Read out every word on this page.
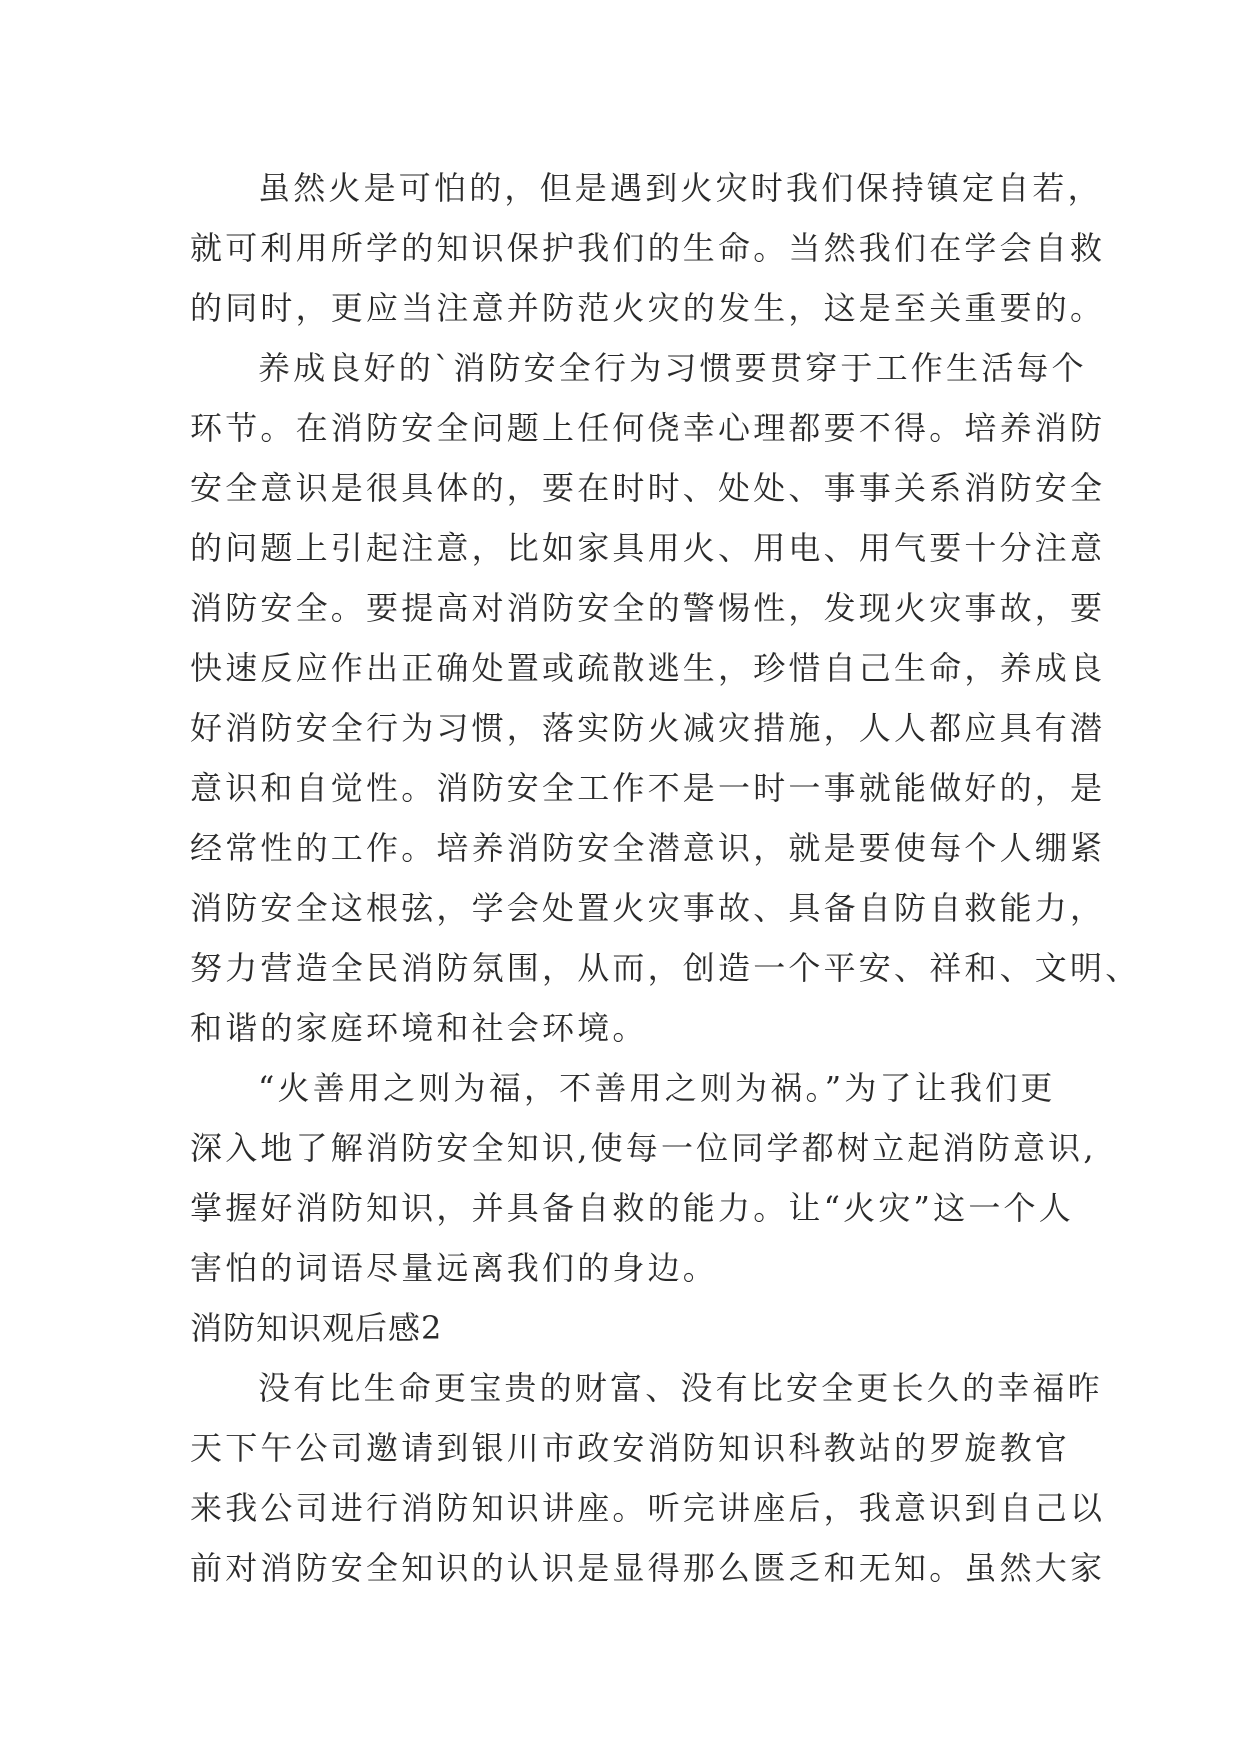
虽然火是可怕的，但是遇到火灾时我们保持镇定自若，
就可利用所学的知识保护我们的生命。当然我们在学会自救
的同时，更应当注意并防范火灾的发生，这是至关重要的。
养成良好的`消防安全行为习惯要贯穿于工作生活每个
环节。在消防安全问题上任何侥幸心理都要不得。培养消防
安全意识是很具体的，要在时时、处处、事事关系消防安全
的问题上引起注意，比如家具用火、用电、用气要十分注意
消防安全。要提高对消防安全的警惕性，发现火灾事故，要
快速反应作出正确处置或疏散逃生，珍惜自己生命，养成良
好消防安全行为习惯，落实防火减灾措施，人人都应具有潜
意识和自觉性。消防安全工作不是一时一事就能做好的，是
经常性的工作。培养消防安全潜意识，就是要使每个人绷紧
消防安全这根弦，学会处置火灾事故、具备自防自救能力，
努力营造全民消防氛围，从而，创造一个平安、祥和、文明、
和谐的家庭环境和社会环境。
“火善用之则为福，不善用之则为祸。”为了让我们更
深入地了解消防安全知识,使每一位同学都树立起消防意识,
掌握好消防知识，并具备自救的能力。让“火灾”这一个人
害怕的词语尽量远离我们的身边。
消防知识观后感2
没有比生命更宝贵的财富、没有比安全更长久的幸福昨
天下午公司邀请到银川市政安消防知识科教站的罗旋教官
来我公司进行消防知识讲座。听完讲座后，我意识到自己以
前对消防安全知识的认识是显得那么匮乏和无知。虽然大家
